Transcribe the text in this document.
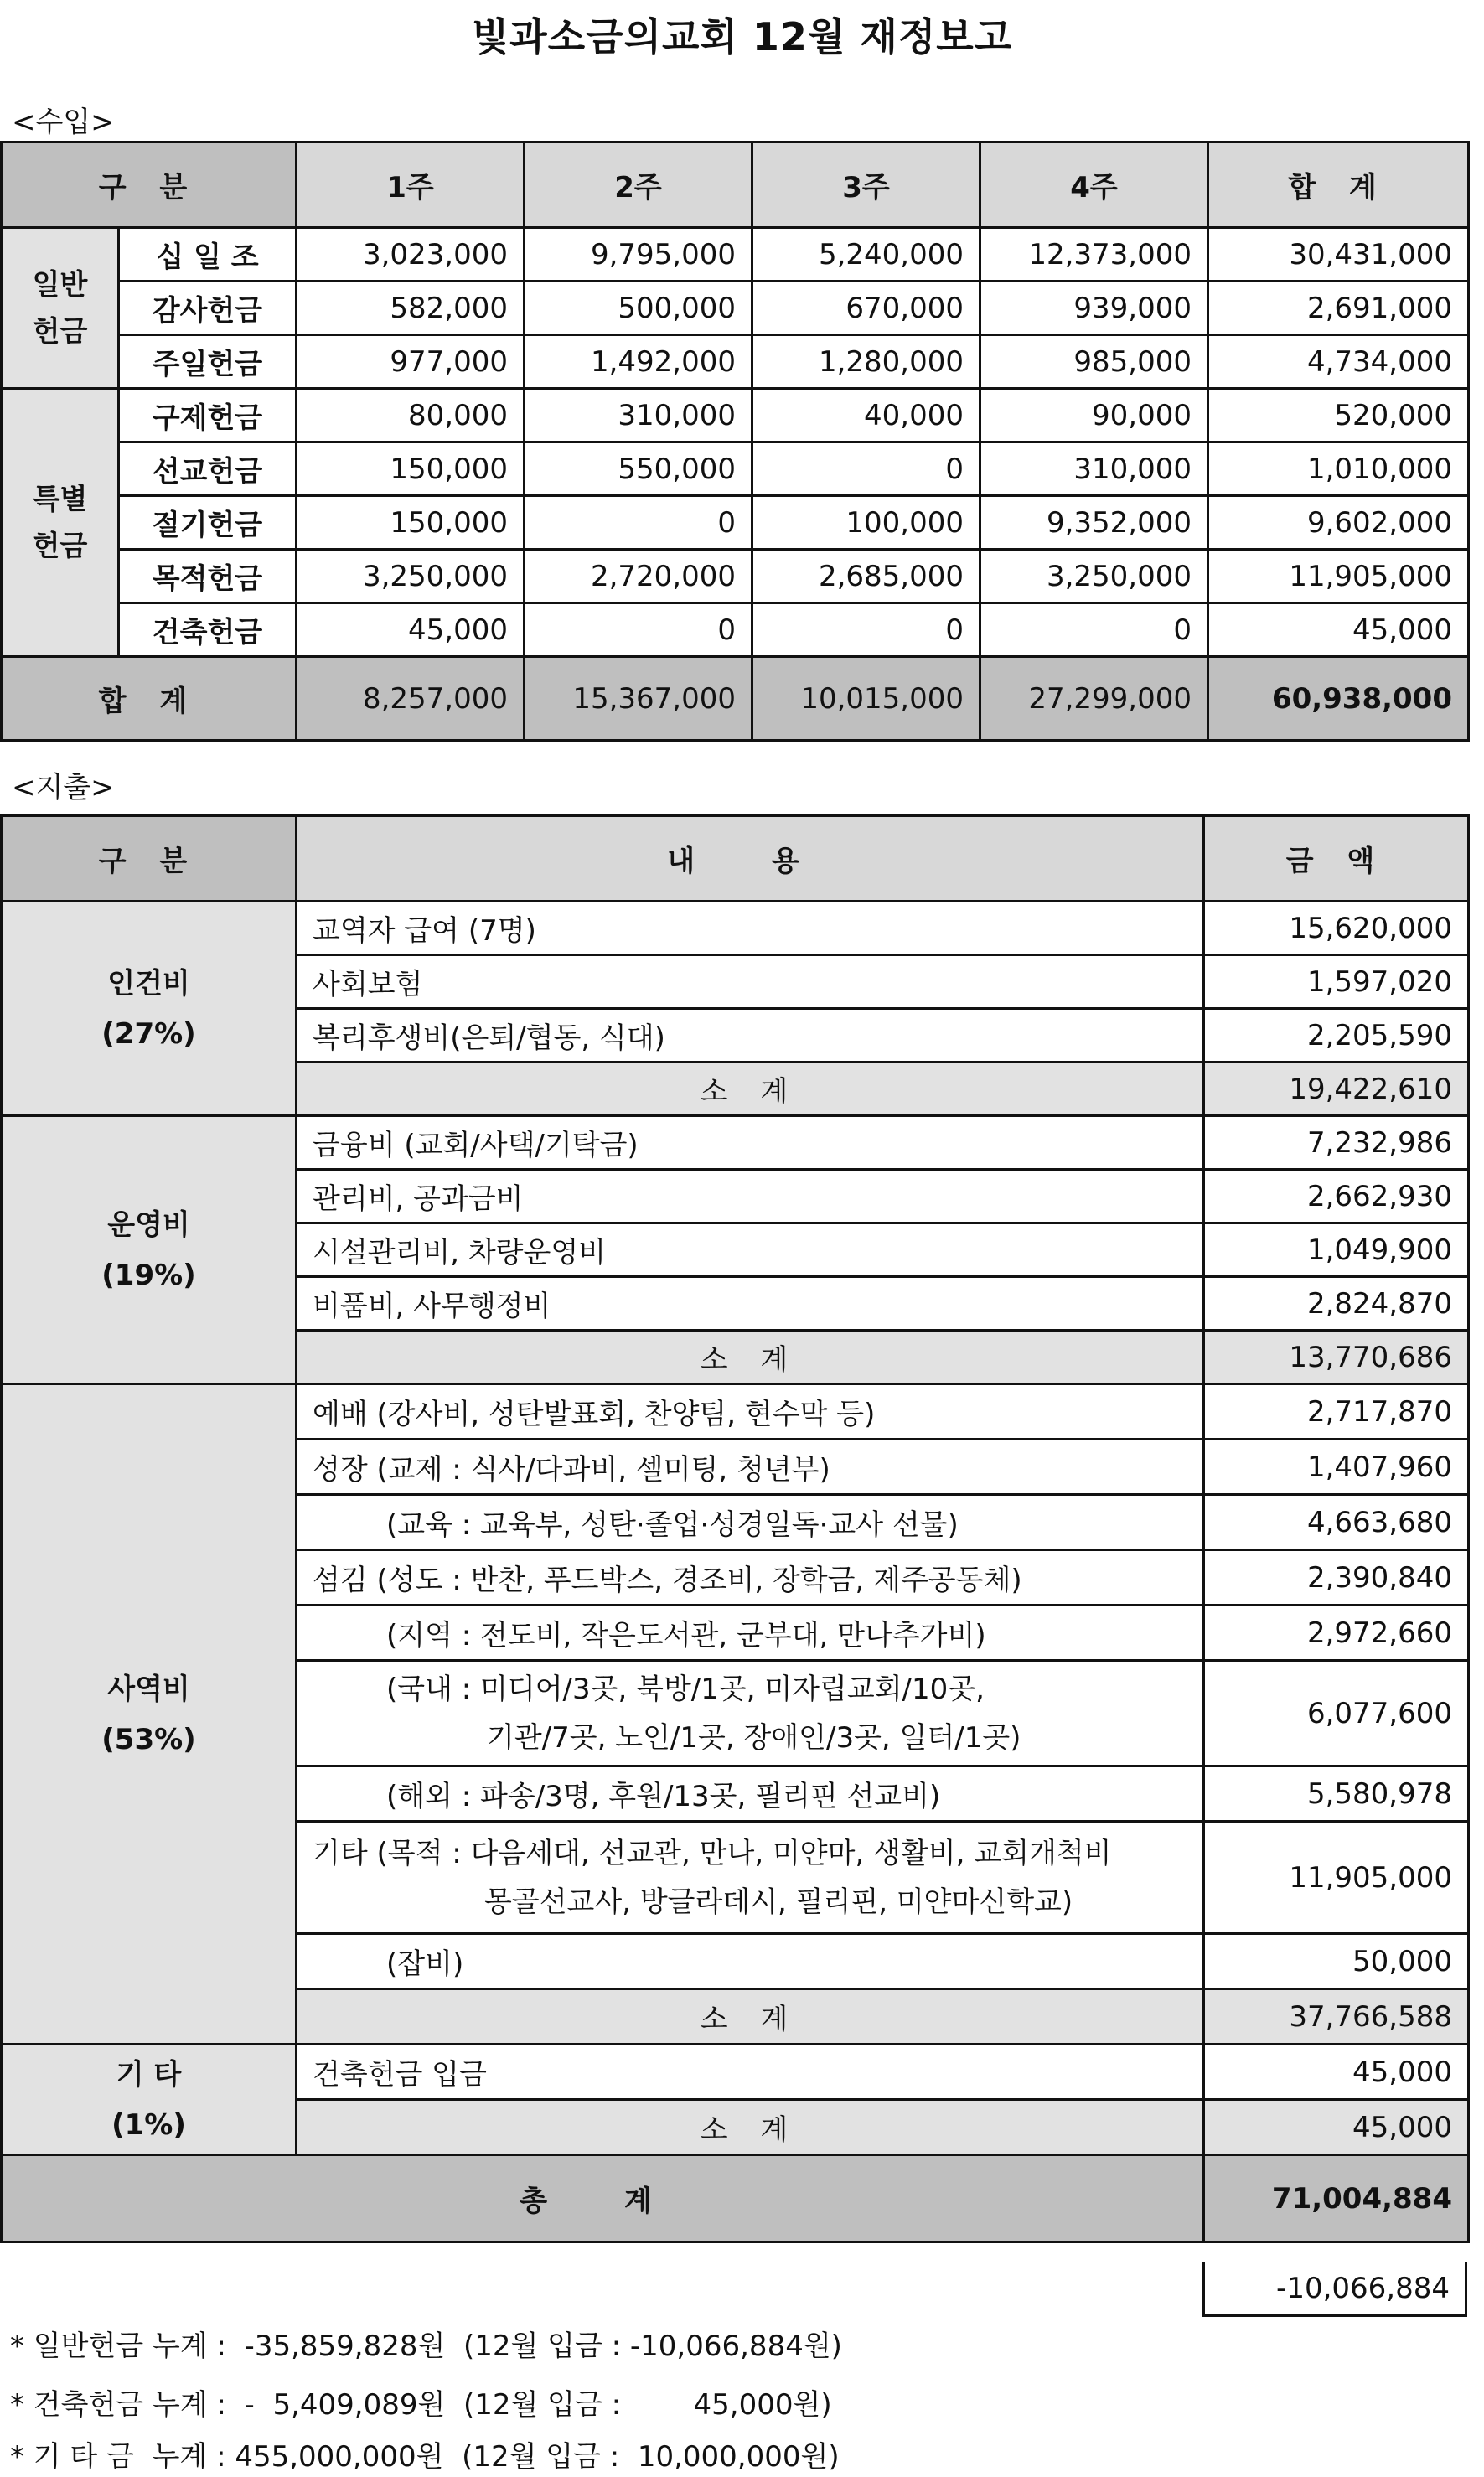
빛과소금의교회 12월 재정보고
<수입>
구 분		1주	2주	3주	4주	합 계
일반
헌금	십 일 조	3,023,000	9,795,000	5,240,000	12,373,000	30,431,000
	감사헌금	582,000	500,000	670,000	939,000	2,691,000
	주일헌금	977,000	1,492,000	1,280,000	985,000	4,734,000
특별
헌금	구제헌금	80,000	310,000	40,000	90,000	520,000
	선교헌금	150,000	550,000	0	310,000	1,010,000
	절기헌금	150,000	0	100,000	9,352,000	9,602,000
	목적헌금	3,250,000	2,720,000	2,685,000	3,250,000	11,905,000
	건축헌금	45,000	0	0	0	45,000
합 계		8,257,000	15,367,000	10,015,000	27,299,000	60,938,000
<지출>
구 분	내 용	금 액
인건비
(27%)	교역자 급여 (7명)	15,620,000
	사회보험	1,597,020
	복리후생비(은퇴/협동, 식대)	2,205,590
	소 계	19,422,610
운영비
(19%)	금융비 (교회/사택/기탁금)	7,232,986
	관리비, 공과금비	2,662,930
	시설관리비, 차량운영비	1,049,900
	비품비, 사무행정비	2,824,870
	소 계	13,770,686
사역비
(53%)	예배 (강사비, 성탄발표회, 찬양팀, 현수막 등)	2,717,870
	성장 (교제 : 식사/다과비, 셀미팅, 청년부)	1,407,960
	(교육 : 교육부, 성탄·졸업·성경일독·교사 선물)	4,663,680
	섬김 (성도 : 반찬, 푸드박스, 경조비, 장학금, 제주공동체)	2,390,840
	(지역 : 전도비, 작은도서관, 군부대, 만나추가비)	2,972,660

	(국내 : 미디어/3곳, 북방/1곳, 미자립교회/10곳,
기관/7곳, 노인/1곳, 장애인/3곳, 일터/1곳)	6,077,600
	(해외 : 파송/3명, 후원/13곳, 필리핀 선교비)	5,580,978

	기타 (목적 : 다음세대, 선교관, 만나, 미얀마, 생활비, 교회개척비
몽골선교사, 방글라데시, 필리핀, 미얀마신학교)	11,905,000
	(잡비)	50,000
	소 계	37,766,588
기 타
(1%)	건축헌금 입금	45,000
	소 계	45,000
총 계		71,004,884
-10,066,884
* 일반헌금 누계 :  -35,859,828원  (12월 입금 : -10,066,884원)
* 건축헌금 누계 :  -  5,409,089원  (12월 입금 :        45,000원)
* 기 타 금  누계 : 455,000,000원  (12월 입금 :  10,000,000원)
